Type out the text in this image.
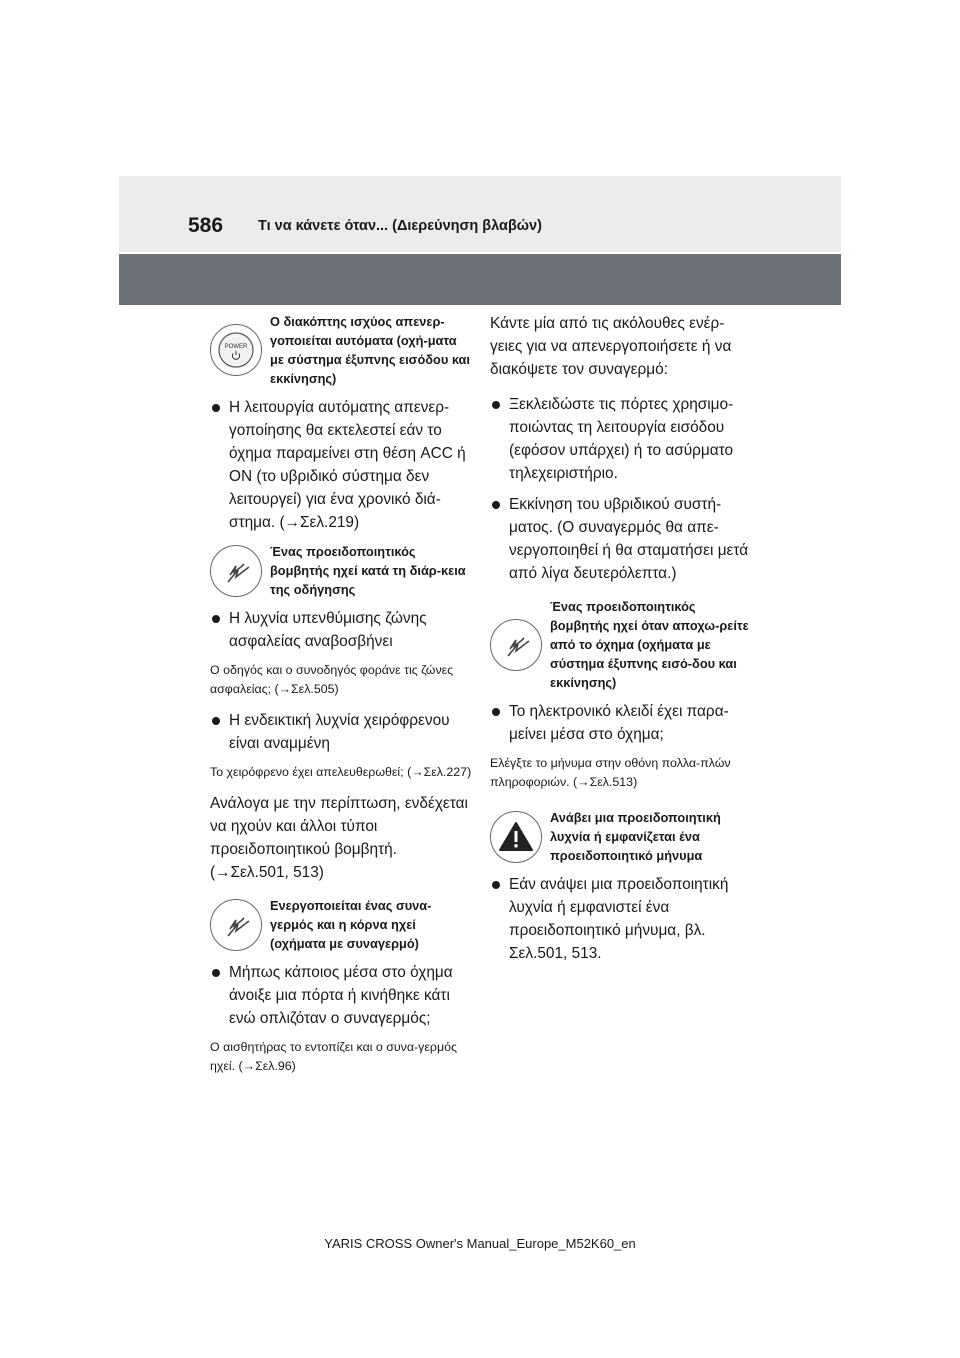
586 Τι να κάνετε όταν... (Διερεύνηση βλαβών)
POWER
Ο διακόπτης ισχύος απενερ-γοποιείται αυτόματα (οχή-ματα με σύστημα έξυπνης εισόδου και εκκίνησης)
Η λειτουργία αυτόματης απενερ-γοποίησης θα εκτελεστεί εάν το όχημα παραμείνει στη θέση ACC ή ON (το υβριδικό σύστημα δεν λειτουργεί) για ένα χρονικό διά-στημα. (→Σελ.219)
Ένας προειδοποιητικός βομβητής ηχεί κατά τη διάρ-κεια της οδήγησης
Η λυχνία υπενθύμισης ζώνης ασφαλείας αναβοσβήνει
Ο οδηγός και ο συνοδηγός φοράνε τις ζώνες ασφαλείας; (→Σελ.505)
Η ενδεικτική λυχνία χειρόφρενου είναι αναμμένη
Το χειρόφρενο έχει απελευθερωθεί; (→Σελ.227)
Ανάλογα με την περίπτωση, ενδέχεται να ηχούν και άλλοι τύποι προειδοποιητικού βομβητή. (→Σελ.501, 513)
Ενεργοποιείται ένας συνα-γερμός και η κόρνα ηχεί (οχήματα με συναγερμό)
Μήπως κάποιος μέσα στο όχημα άνοιξε μια πόρτα ή κινήθηκε κάτι ενώ οπλιζόταν ο συναγερμός;
Ο αισθητήρας το εντοπίζει και ο συνα-γερμός ηχεί. (→Σελ.96)
Κάντε μία από τις ακόλουθες ενέρ-γειες για να απενεργοποιήσετε ή να διακόψετε τον συναγερμό:
Ξεκλειδώστε τις πόρτες χρησιμο-ποιώντας τη λειτουργία εισόδου (εφόσον υπάρχει) ή το ασύρματο τηλεχειριστήριο.
Εκκίνηση του υβριδικού συστή-ματος. (Ο συναγερμός θα απε-νεργοποιηθεί ή θα σταματήσει μετά από λίγα δευτερόλεπτα.)
Ένας προειδοποιητικός βομβητής ηχεί όταν αποχω-ρείτε από το όχημα (οχήματα με σύστημα έξυπνης εισό-δου και εκκίνησης)
Το ηλεκτρονικό κλειδί έχει παρα-μείνει μέσα στο όχημα;
Ελέγξτε το μήνυμα στην οθόνη πολλα-πλών πληροφοριών. (→Σελ.513)
Ανάβει μια προειδοποιητική λυχνία ή εμφανίζεται ένα προειδοποιητικό μήνυμα
Εάν ανάψει μια προειδοποιητική λυχνία ή εμφανιστεί ένα προειδοποιητικό μήνυμα, βλ. Σελ.501, 513.
YARIS CROSS Owner's Manual_Europe_M52K60_en
